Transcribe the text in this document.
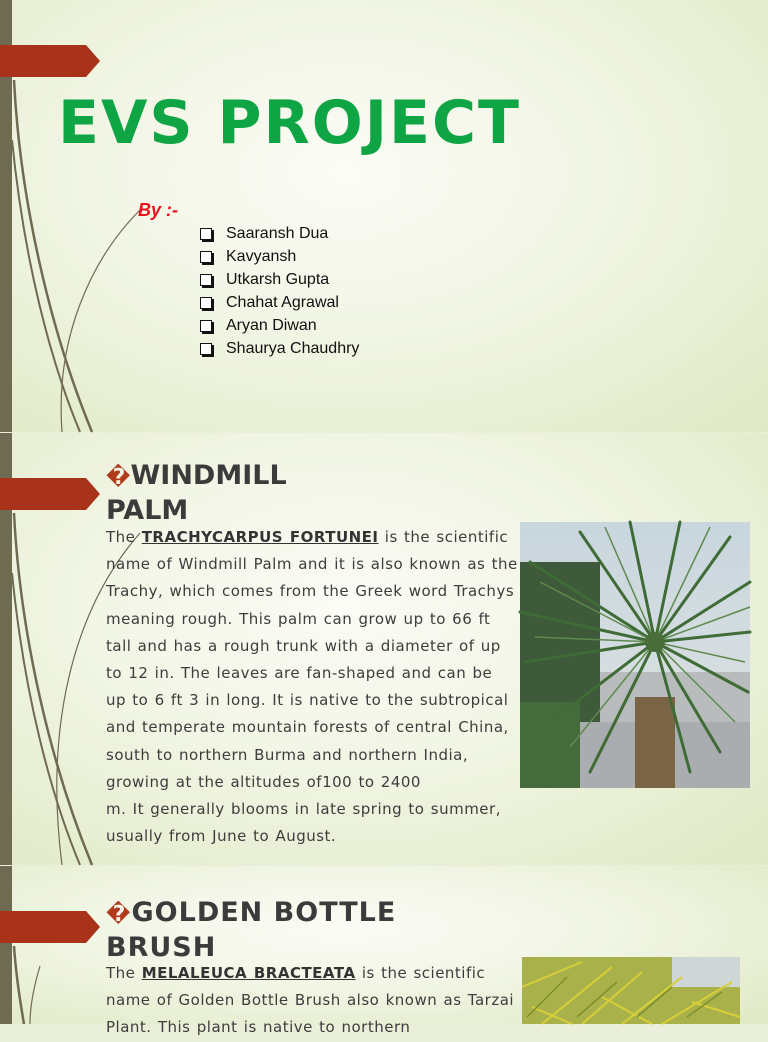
EVS PROJECT
By :-
Saaransh Dua
Kavyansh
Utkarsh Gupta
Chahat Agrawal
Aryan Diwan
Shaurya Chaudhry
�WINDMILL
PALM

The TRACHYCARPUS FORTUNEI is the scientific name of Windmill Palm and it is also known as the Trachy, which comes from the Greek word Trachys meaning rough. This palm can grow up to 66 ft tall and has a rough trunk with a diameter of up to 12 in. The leaves are fan-shaped and can be up to 6 ft 3 in long. It is native to the subtropical and temperate mountain forests of central China, south to northern Burma and northern India, growing at the altitudes of100 to 2400
m. It generally blooms in late spring to summer, usually from June to August.

�GOLDEN BOTTLE
BRUSH

The MELALEUCA BRACTEATA is the scientific name of Golden Bottle Brush also known as Tarzai Plant. This plant is native to northern
